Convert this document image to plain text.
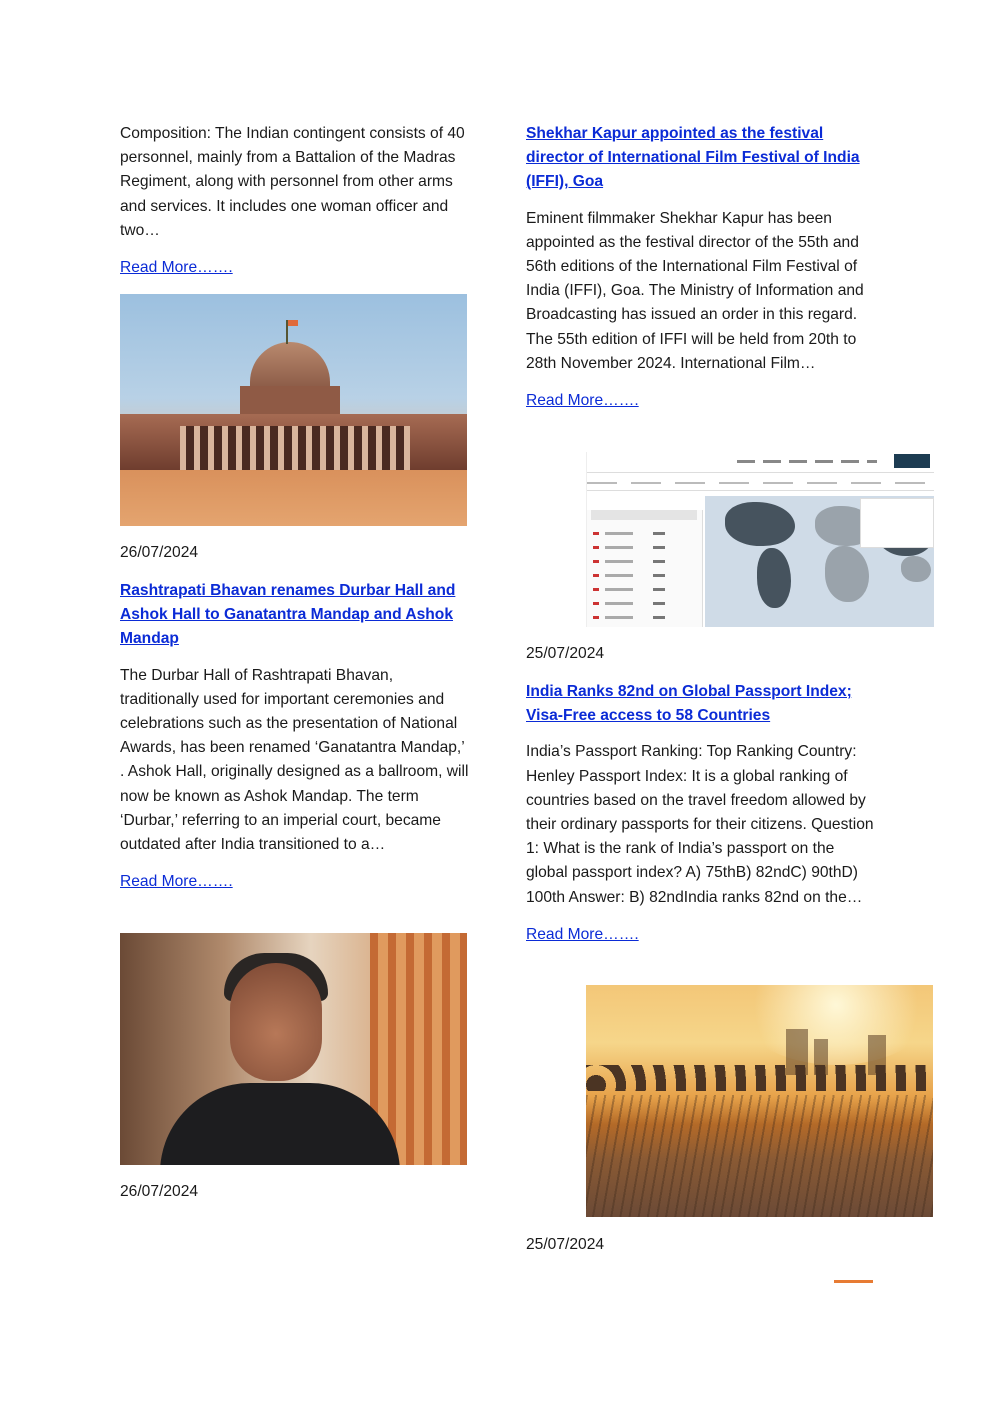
Composition: The Indian contingent consists of 40 personnel, mainly from a Battalion of the Madras Regiment, along with personnel from other arms and services. It includes one woman officer and two…

Read More…….
26/07/2024
Rashtrapati Bhavan renames Durbar Hall and Ashok Hall to Ganatantra Mandap and Ashok Mandap

The Durbar Hall of Rashtrapati Bhavan, traditionally used for important ceremonies and celebrations such as the presentation of National Awards, has been renamed ‘Ganatantra Mandap,’ . Ashok Hall, originally designed as a ballroom, will now be known as Ashok Mandap. The term ‘Durbar,’ referring to an imperial court, became outdated after India transitioned to a…

Read More…….
26/07/2024
Shekhar Kapur appointed as the festival director of International Film Festival of India (IFFI), Goa

Eminent filmmaker Shekhar Kapur has been appointed as the festival director of the 55th and 56th editions of the International Film Festival of India (IFFI), Goa. The Ministry of Information and Broadcasting has issued an order in this regard. The 55th edition of IFFI will be held from 20th to 28th November 2024. International Film…

Read More…….
25/07/2024
India Ranks 82nd on Global Passport Index; Visa-Free access to 58 Countries

India’s Passport Ranking: Top Ranking Country: Henley Passport Index: It is a global ranking of countries based on the travel freedom allowed by their ordinary passports for their citizens. Question 1: What is the rank of India’s passport on the global passport index? A) 75thB) 82ndC) 90thD) 100th Answer: B) 82ndIndia ranks 82nd on the…

Read More…….
25/07/2024
